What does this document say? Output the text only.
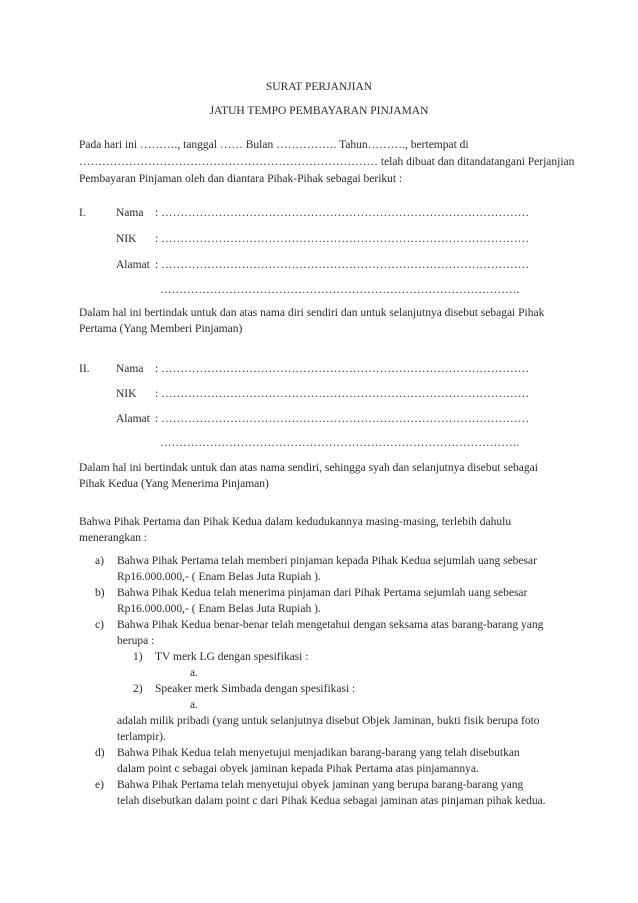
SURAT PERJANJIAN
JATUH TEMPO PEMBAYARAN PINJAMAN
Pada hari ini ………., tanggal …… Bulan ……………. Tahun………., bertempat di
…………………………………………………………………… telah dibuat dan ditandatangani Perjanjian
Pembayaran Pinjaman oleh dan diantara Pihak-Pihak sebagai berikut :
I.	Nama : ……………………………………………………………………………………
NIK : ……………………………………………………………………………………
Alamat : ……………………………………………………………………………………
………………………………………………………………………………….
Dalam hal ini bertindak untuk dan atas nama diri sendiri dan untuk selanjutnya disebut sebagai Pihak
Pertama (Yang Memberi Pinjaman)
II. Nama : ……………………………………………………………………………………
NIK : ……………………………………………………………………………………
Alamat : ……………………………………………………………………………………
………………………………………………………………………………….
Dalam hal ini bertindak untuk dan atas nama sendiri, sehingga syah dan selanjutnya disebut sebagai
Pihak Kedua (Yang Menerima Pinjaman)
Bahwa Pihak Pertama dan Pihak Kedua dalam kedudukannya masing-masing, terlebih dahulu
menerangkan :
a) Bahwa Pihak Pertama telah memberi pinjaman kepada Pihak Kedua sejumlah uang sebesar
Rp16.000.000,- ( Enam Belas Juta Rupiah ).
b) Bahwa Pihak Kedua telah menerima pinjaman dari Pihak Pertama sejumlah uang sebesar
Rp16.000.000,- ( Enam Belas Juta Rupiah ).
c) Bahwa Pihak Kedua benar-benar telah mengetahui dengan seksama atas barang-barang yang
berupa :
1) TV merk LG dengan spesifikasi :
a.
2) Speaker merk Simbada dengan spesifikasi :
a.
adalah milik pribadi (yang untuk selanjutnya disebut Objek Jaminan, bukti fisik berupa foto
terlampir).
d) Bahwa Pihak Kedua telah menyetujui menjadikan barang-barang yang telah disebutkan
dalam point c sebagai obyek jaminan kepada Pihak Pertama atas pinjamannya.
e) Bahwa Pihak Pertama telah menyetujui obyek jaminan yang berupa barang-barang yang
telah disebutkan dalam point c dari Pihak Kedua sebagai jaminan atas pinjaman pihak kedua.
